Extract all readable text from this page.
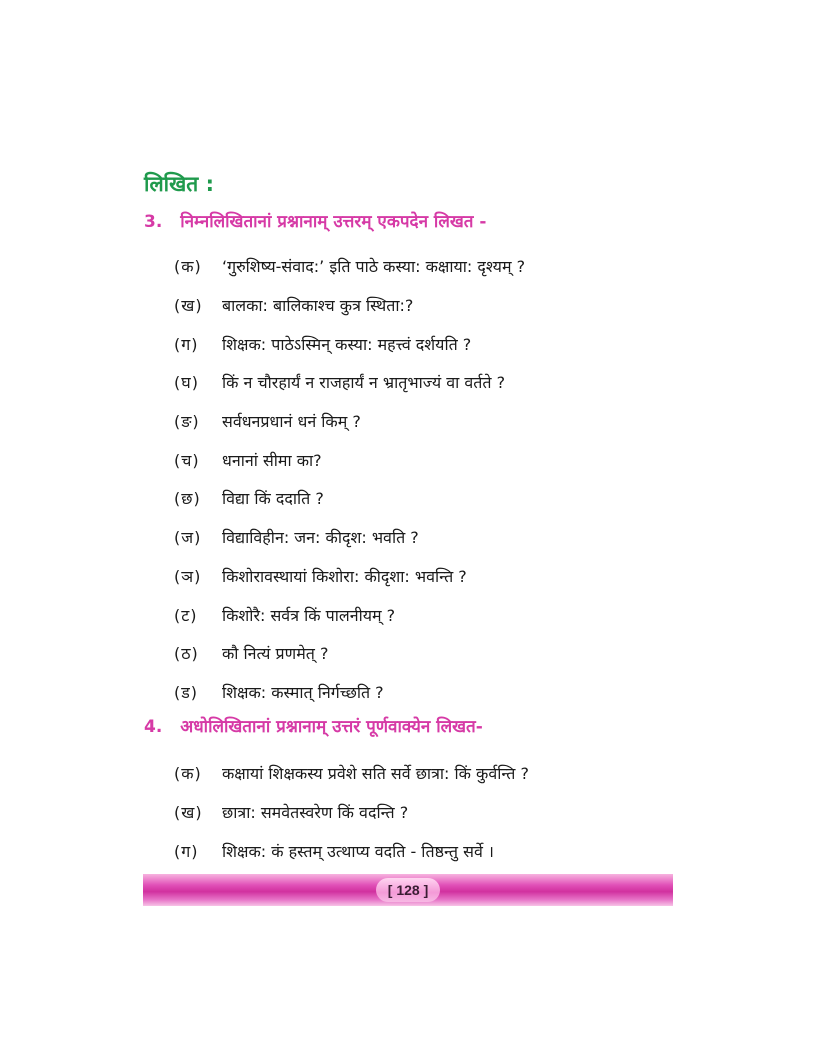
लिखित :
3. निम्नलिखितानां प्रश्नानाम् उत्तरम् एकपदेन लिखत -
(क)	‘गुरुशिष्य-संवाद:’ इति पाठे कस्या: कक्षाया: दृश्यम् ?
(ख)	बालका: बालिकाश्च कुत्र स्थिता:?
(ग)	शिक्षक: पाठेऽस्मिन् कस्या: महत्त्वं दर्शयति ?
(घ)	किं न चौरहार्यं न राजहार्यं न भ्रातृभाज्यं वा वर्तते ?
(ङ)	सर्वधनप्रधानं धनं किम् ?
(च)	धनानां सीमा का?
(छ)	विद्या किं ददाति ?
(ज)	विद्याविहीन: जन: कीदृश: भवति ?
(ञ)	किशोरावस्थायां किशोरा: कीदृशा: भवन्ति ?
(ट)	किशोरै: सर्वत्र किं पालनीयम् ?
(ठ)	कौ नित्यं प्रणमेत् ?
(ड)	शिक्षक: कस्मात् निर्गच्छति ?
4. अधोलिखितानां प्रश्नानाम् उत्तरं पूर्णवाक्येन लिखत-
(क)	कक्षायां शिक्षकस्य प्रवेशे सति सर्वे छात्रा: किं कुर्वन्ति ?
(ख)	छात्रा: समवेतस्वरेण किं वदन्ति ?
(ग)	शिक्षक: कं हस्तम् उत्थाप्य वदति - तिष्ठन्तु सर्वे ।
[ 128 ]
